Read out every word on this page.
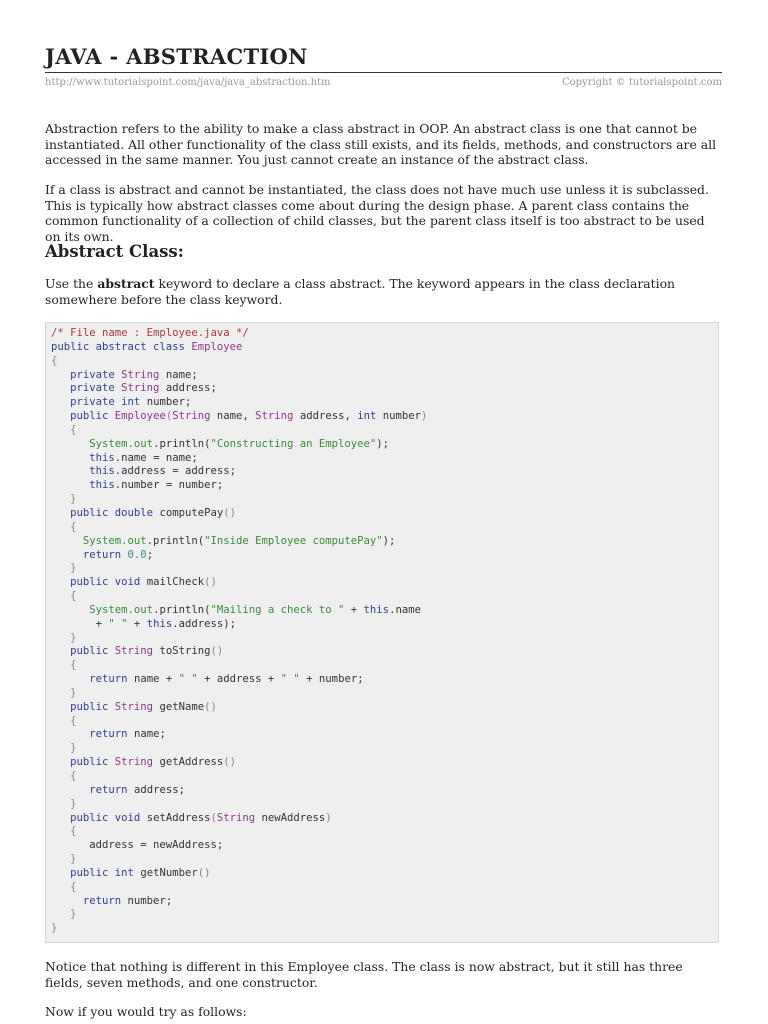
JAVA - ABSTRACTION
http://www.tutorialspoint.com/java/java_abstraction.htm	Copyright © tutorialspoint.com

Abstraction refers to the ability to make a class abstract in OOP. An abstract class is one that cannot be instantiated. All other functionality of the class still exists, and its fields, methods, and constructors are all accessed in the same manner. You just cannot create an instance of the abstract class.

If a class is abstract and cannot be instantiated, the class does not have much use unless it is subclassed. This is typically how abstract classes come about during the design phase. A parent class contains the common functionality of a collection of child classes, but the parent class itself is too abstract to be used on its own.

Abstract Class:

Use the abstract keyword to declare a class abstract. The keyword appears in the class declaration somewhere before the class keyword.

/* File name : Employee.java */
public abstract class Employee
{
private String name;
private String address;
private int number;
public Employee(String name, String address, int number)
{
System.out.println("Constructing an Employee");
this.name = name;
this.address = address;
this.number = number;
}
public double computePay()
{
System.out.println("Inside Employee computePay");
return 0.0;
}
public void mailCheck()
{
System.out.println("Mailing a check to " + this.name
+ " " + this.address);
}
public String toString()
{
return name + " " + address + " " + number;
}
public String getName()
{
return name;
}
public String getAddress()
{
return address;
}
public void setAddress(String newAddress)
{
address = newAddress;
}
public int getNumber()
{
return number;
}
}

Notice that nothing is different in this Employee class. The class is now abstract, but it still has three fields, seven methods, and one constructor.

Now if you would try as follows:
